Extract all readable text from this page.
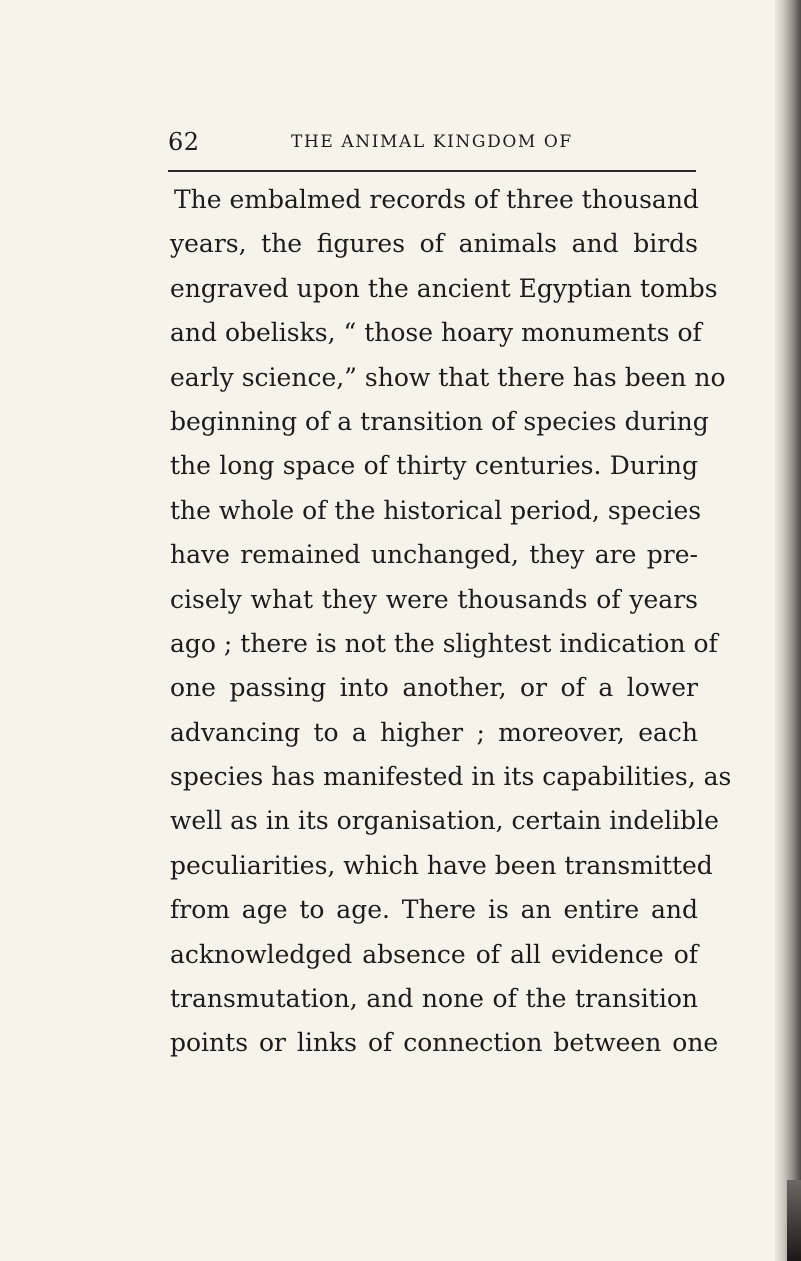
62	THE ANIMAL KINGDOM OF
The embalmed records of three thousand
years, the figures of animals and birds
engraved upon the ancient Egyptian tombs
and obelisks, “ those hoary monuments of
early science,” show that there has been no
beginning of a transition of species during
the long space of thirty centuries. During
the whole of the historical period, species
have remained unchanged, they are pre-
cisely what they were thousands of years
ago ; there is not the slightest indication of
one passing into another, or of a lower
advancing to a higher ; moreover, each
species has manifested in its capabilities, as
well as in its organisation, certain indelible
peculiarities, which have been transmitted
from age to age. There is an entire and
acknowledged absence of all evidence of
transmutation, and none of the transition
points or links of connection between one
